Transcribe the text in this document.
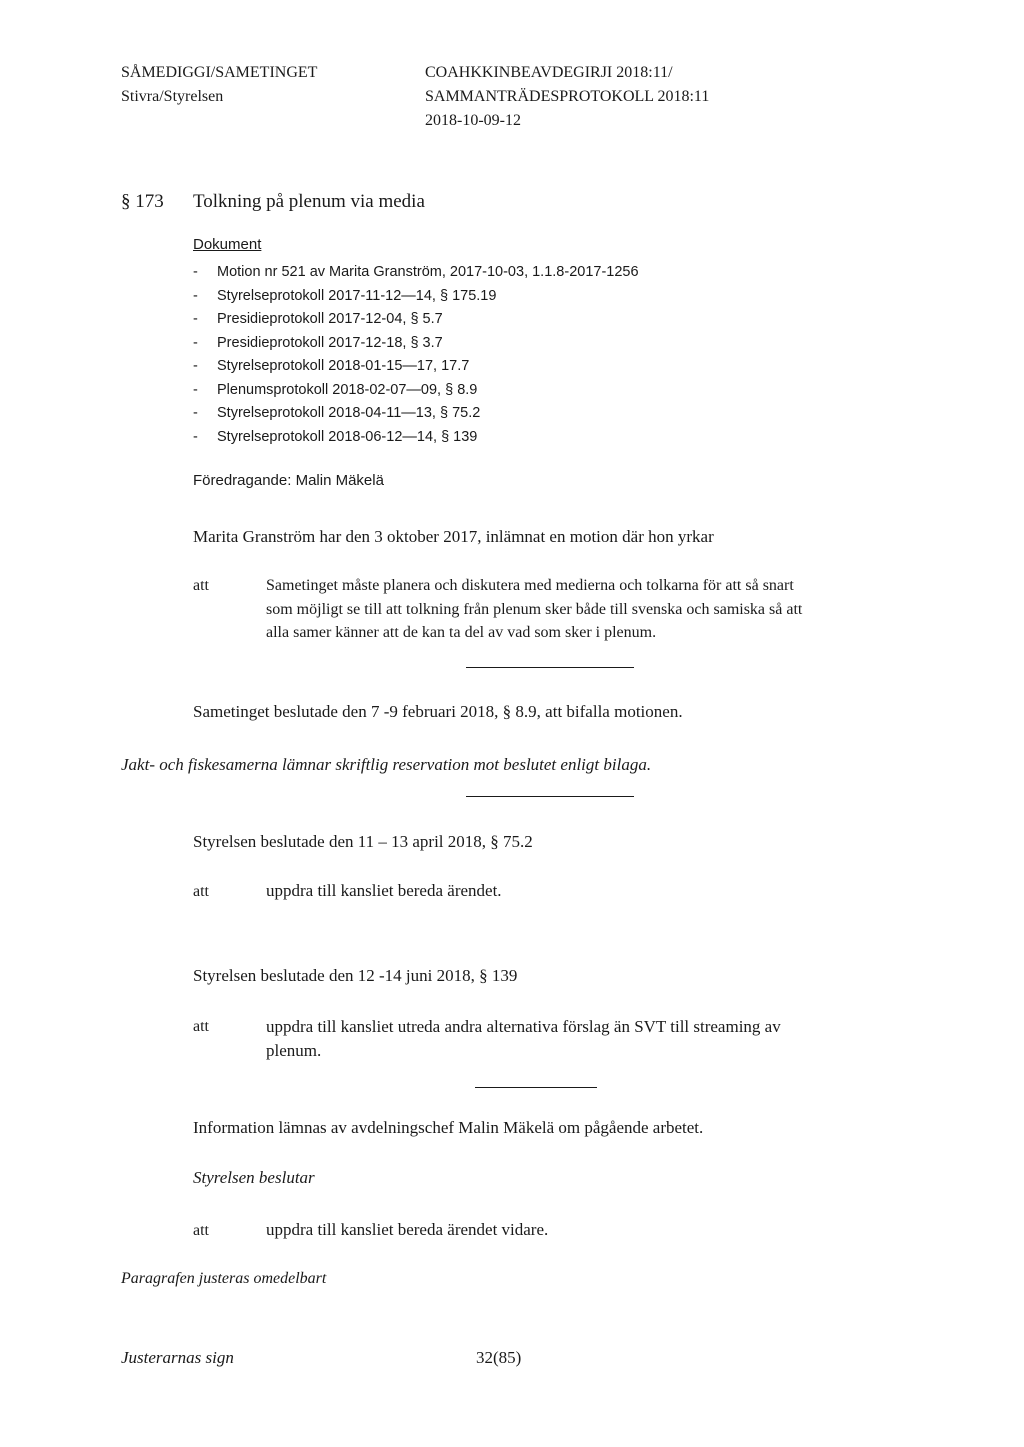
SÅMEDIGGI/SAMETINGET
Stivra/Styrelsen
COAHKKINBEAVDEGIRJI 2018:11/
SAMMANTRÄDESPROTOKOLL 2018:11
2018-10-09-12
§ 173 Tolkning på plenum via media
Dokument
- Motion nr 521 av Marita Granström, 2017-10-03, 1.1.8-2017-1256
- Styrelseprotokoll 2017-11-12—14, § 175.19
- Presidieprotokoll 2017-12-04, § 5.7
- Presidieprotokoll 2017-12-18, § 3.7
- Styrelseprotokoll 2018-01-15—17, 17.7
- Plenumsprotokoll 2018-02-07—09, § 8.9
- Styrelseprotokoll 2018-04-11—13, § 75.2
- Styrelseprotokoll 2018-06-12—14, § 139
Föredragande: Malin Mäkelä
Marita Granström har den 3 oktober 2017, inlämnat en motion där hon yrkar
att	Sametinget måste planera och diskutera med medierna och tolkarna för att så snart
som möjligt se till att tolkning från plenum sker både till svenska och samiska så att
alla samer känner att de kan ta del av vad som sker i plenum.
Sametinget beslutade den 7 -9 februari 2018, § 8.9, att bifalla motionen.
Jakt- och fiskesamerna lämnar skriftlig reservation mot beslutet enligt bilaga.
Styrelsen beslutade den 11 – 13 april 2018, § 75.2
att	uppdra till kansliet bereda ärendet.
Styrelsen beslutade den 12 -14 juni 2018, § 139
att	uppdra till kansliet utreda andra alternativa förslag än SVT till streaming av
plenum.
Information lämnas av avdelningschef Malin Mäkelä om pågående arbetet.
Styrelsen beslutar
att	uppdra till kansliet bereda ärendet vidare.
Paragrafen justeras omedelbart
Justerarnas sign	32(85)
